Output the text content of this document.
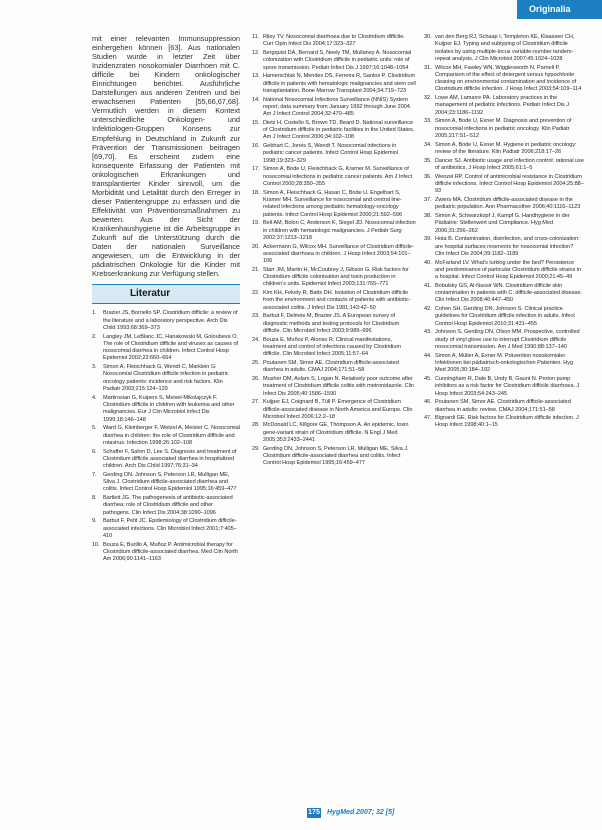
Originalia

mit einer relevanten Immunsuppression einhergehen können [63]. Aus nationalen Studien wurde in letzter Zeit über Inzidenzraten nosokomialer Diarrhoen mit C. difficile bei Kindern onkologischer Einrichtungen berichtet. Ausführliche Darstellungen aus anderen Zentren und bei erwachsenen Patienten [55,66,67,68]. Vermutlich werden in diesem Kontext unterschiedliche Onkologen- und Infektiologen-Gruppen Konsens zur Empfehlung in Deutschland in Zukunft zur Prävention der Transmissionen beitragen [69,70]. Es erscheint zudem eine konsequente Erfassung der Patienten mit onkologischen Erkrankungen und transplantierter Kinder sinnvoll, um die Morbidität und Letalität durch den Erreger in dieser Patientengruppe zu erfassen und die Effektivität von Präventionsmaßnahmen zu bewerten. Aus der Sicht der Krankenhaushygiene ist die Arbeitsgruppe in Zukunft auf die Unterstützung durch die Daten der nationalen Surveillance angewiesen, um die Entwicklung in der pädiatrischen Onkologie für die Kinder mit Krebserkrankung zur Verfügung stellen.

Literatur
1. Brazier JS, Borriello SP. Clostridium difficile: a review of the literature and a laboratory perspective. Arch Dis Child 1993;68:369–373
2. Langley JM, LeBlanc JC, Hanakowski M, Goloubeva O. The role of Clostridium difficile and viruses as causes of nosocomial diarrhea in children. Infect Control Hosp Epidemiol 2002;23:660–664
3. Simon A, Fleischhack G, Wendt C, Marklein G. Nosocomial Clostridium difficile infection in pediatric oncology patients: incidence and risk factors. Klin Padiatr 2003;215:124–129
4. Martirosian G, Kuipers S, Meisel-Mikolajczyk F. Clostridium difficile in children with leukemia and other malignancies. Eur J Clin Microbiol Infect Dis 1999;18:146–148
5. Ward G, Kleinberger F, Wetzel A, Meister C. Nosocomial diarrhea in children: the role of Clostridium difficile and rotavirus. Infection 1998;26:102–108
6. Schaffer F, Sahm D, Lee S. Diagnosis and treatment of Clostridium difficile associated diarrhea in hospitalized children. Arch Dis Child 1997;76:31–34
7. Gerding DN, Johnson S, Peterson LR, Mulligan ME, Silva J. Clostridium difficile-associated diarrhea and colitis. Infect Control Hosp Epidemiol 1995;16:459–477
8. Bartlett JG. The pathogenesis of antibiotic-associated diarrhea: role of Clostridium difficile and other pathogens. Clin Infect Dis 2004;38:1090–1096
9. Barbut F, Petit JC. Epidemiology of Clostridium difficile-associated infections. Clin Microbiol Infect 2001;7:405–410
10. Bouza E, Burillo A, Muñoz P. Antimicrobial therapy for Clostridium difficile-associated diarrhea. Med Clin North Am 2006;90:1141–1163
11. Riley TV. Nosocomial diarrhoea due to Clostridium difficile. Curr Opin Infect Dis 2004;17:323–327
12. Bergquist DA, Bernard S, Neely TM, Mullaney A. Nosocomial colonization with Clostridium difficile in pediatric units: role of spore transmission. Pediatr Infect Dis J 1997;16:1048–1054
13. Hamerschlak N, Mendes DS, Ferreira R, Santos P. Clostridium difficile in patients with hematologic malignancies and stem cell transplantation. Bone Marrow Transplant 2004;34:719–723
14. National Nosocomial Infections Surveillance (NNIS) System report, data summary from January 1992 through June 2004. Am J Infect Control 2004;32:470–485
15. Dietz H, Costello S, Brown TD, Beard D. National surveillance of Clostridium difficile in pediatric facilities in the United States. Am J Infect Control 2006;34:102–108
16. Gebhart C, Jones S, Wendt T. Nosocomial infections in pediatric cancer patients. Infect Control Hosp Epidemiol 1998;19:323–329
17. Simon A, Bode U, Fleischhack G, Kramer M. Surveillance of nosocomial infections in pediatric cancer patients. Am J Infect Control 2000;28:350–355
18. Simon A, Fleischhack G, Hasan C, Bode U, Engelhart S, Kramer MH. Surveillance for nosocomial and central line-related infections among pediatric hematology-oncology patients. Infect Control Hosp Epidemiol 2000;21:592–596
19. Bell AM, Bolon C, Anderson K, Siegel JD. Nosocomial infection in children with hematologic malignancies. J Pediatr Surg 2002;37:1213–1218
20. Ackermann G, Wilcox MH. Surveillance of Clostridium difficile-associated diarrhoea in children. J Hosp Infect 2003;54:101–106
21. Starr JM, Martin H, McCoubrey J, Gibson G. Risk factors for Clostridium difficile colonisation and toxin production in children's units. Epidemiol Infect 2003;131:765–771
22. Kim KH, Fekety R, Batts DH. Isolation of Clostridium difficile from the environment and contacts of patients with antibiotic-associated colitis. J Infect Dis 1981;143:42–50
23. Barbut F, Delmée M, Brazier JS. A European survey of diagnostic methods and testing protocols for Clostridium difficile. Clin Microbiol Infect 2003;9:989–996
24. Bouza E, Muñoz P, Alonso R. Clinical manifestations, treatment and control of infections caused by Clostridium difficile. Clin Microbiol Infect 2005;11:57–64
25. Poutanen SM, Simor AE. Clostridium difficile-associated diarrhea in adults. CMAJ 2004;171:51–58
26. Musher DM, Aslam S, Logan N. Relatively poor outcome after treatment of Clostridium difficile colitis with metronidazole. Clin Infect Dis 2005;40:1586–1590
27. Kuijper EJ, Coignard B, Tüll P. Emergence of Clostridium difficile-associated disease in North America and Europe. Clin Microbiol Infect 2006;12:2–18
28. McDonald LC, Killgore GE, Thompson A. An epidemic, toxin gene-variant strain of Clostridium difficile. N Engl J Med 2005;353:2433–2441
29. Gerding DN, Johnson S, Peterson LR, Mulligan ME, Silva J. Clostridium difficile-associated diarrhea and colitis. Infect Control Hosp Epidemiol 1995;16:459–477
30. van den Berg RJ, Schaap I, Templeton KE, Klaassen CH, Kuijper EJ. Typing and subtyping of Clostridium difficile isolates by using multiple-locus variable-number tandem-repeat analysis. J Clin Microbiol 2007;45:1024–1028
31. Wilcox MH, Fawley WN, Wigglesworth N, Parnell P. Comparison of the effect of detergent versus hypochlorite cleaning on environmental contamination and incidence of Clostridium difficile infection. J Hosp Infect 2003;54:109–114
32. Lowe AM, Lamarre PA. Laboratory practices in the management of pediatric infections. Pediatr Infect Dis J 2004;23:1186–1192
33. Simon A, Bode U, Exner M. Diagnosis and prevention of nosocomial infections in pediatric oncology. Klin Padiatr 2005;217:S1–S12
34. Simon A, Bode U, Exner M. Hygiene in pediatric oncology: review of the literature. Klin Padiatr 2006;218:17–26
35. Dancer SJ. Antibiotic usage and infection control: rational use of antibiotics. J Hosp Infect 2005;61:1–5
36. Wenzel RP. Control of antimicrobial resistance in Clostridium difficile infections. Infect Control Hosp Epidemiol 2004;25:88–93
37. Zwiers MA. Clostridium difficile-associated disease in the pediatric population. Ann Pharmacother 2006;40:1116–1123
38. Simon A, Schwarzkopf J, Kampf G. Handhygiene in der Pädiatrie: Stellenwert und Compliance. Hyg Med 2006;31:256–262
39. Hota B. Contamination, disinfection, and cross-colonization: are hospital surfaces reservoirs for nosocomial infection? Clin Infect Dis 2004;39:1182–1189
40. McFarland LV. What's lurking under the bed? Persistence and predominance of particular Clostridium difficile strains in a hospital. Infect Control Hosp Epidemiol 2000;21:45–49
41. Bobulsky GS, Al-Nassir WN. Clostridium difficile skin contamination in patients with C. difficile-associated disease. Clin Infect Dis 2008;46:447–450
42. Cohen SH, Gerding DN, Johnson S. Clinical practice guidelines for Clostridium difficile infection in adults. Infect Control Hosp Epidemiol 2010;31:431–455
43. Johnson S, Gerding DN, Olson MM. Prospective, controlled study of vinyl glove use to interrupt Clostridium difficile nosocomial transmission. Am J Med 1990;88:137–140
44. Simon A, Müller A, Exner M. Prävention nosokomialer Infektionen bei pädiatrisch-onkologischen Patienten. Hyg Med 2005;30:184–192
45. Cunningham R, Dale B, Undy B, Gaunt N. Proton pump inhibitors as a risk factor for Clostridium difficile diarrhoea. J Hosp Infect 2003;54:243–245
46. Poutanen SM, Simor AE. Clostridium difficile-associated diarrhea in adults: review. CMAJ 2004;171:51–58
47. Bignardi GE. Risk factors for Clostridium difficile infection. J Hosp Infect 1998;40:1–15
175 HygMed 2007; 32 [5]
